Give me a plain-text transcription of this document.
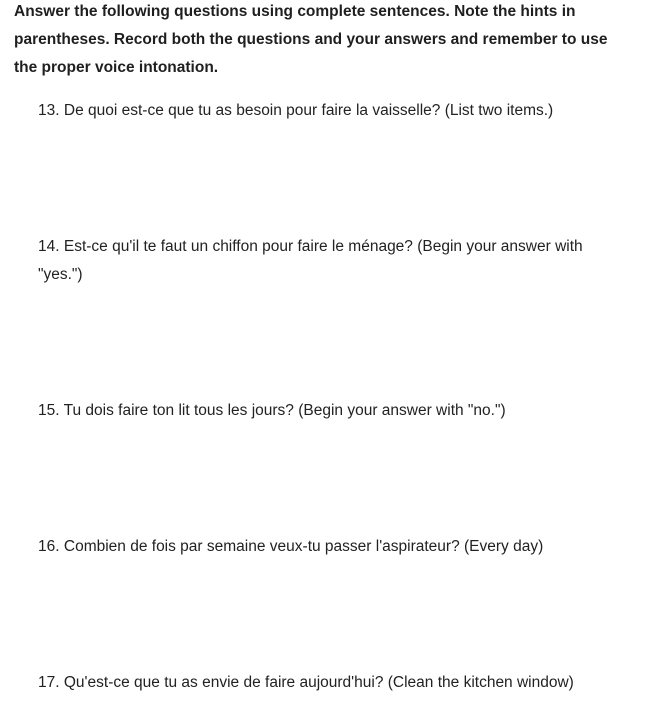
Answer the following questions using complete sentences. Note the hints in parentheses. Record both the questions and your answers and remember to use the proper voice intonation.

13. De quoi est-ce que tu as besoin pour faire la vaisselle? (List two items.)

14. Est-ce qu'il te faut un chiffon pour faire le ménage? (Begin your answer with "yes.")

15. Tu dois faire ton lit tous les jours? (Begin your answer with "no.")

16. Combien de fois par semaine veux-tu passer l'aspirateur? (Every day)

17. Qu'est-ce que tu as envie de faire aujourd'hui? (Clean the kitchen window)
